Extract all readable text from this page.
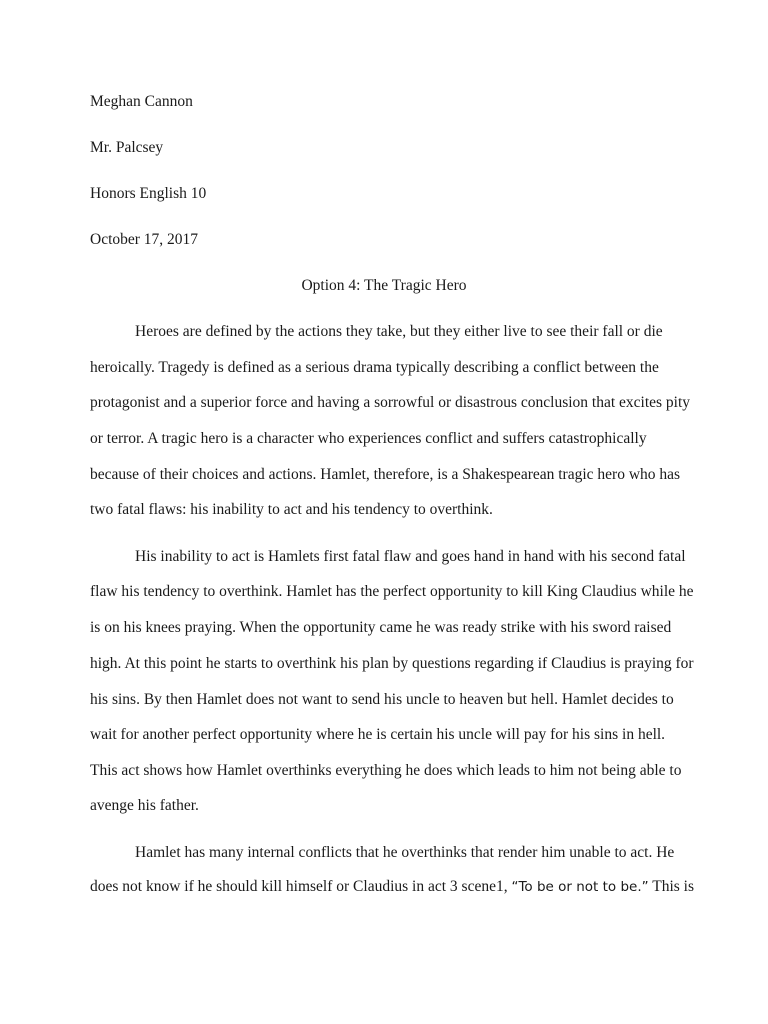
Meghan Cannon
Mr. Palcsey
Honors English 10
October 17, 2017
Option 4: The Tragic Hero
Heroes are defined by the actions they take, but they either live to see their fall or die
heroically. Tragedy is defined as a serious drama typically describing a conflict between the
protagonist and a superior force and having a sorrowful or disastrous conclusion that excites pity
or terror. A tragic hero is a character who experiences conflict and suffers catastrophically
because of their choices and actions. Hamlet, therefore, is a Shakespearean tragic hero who has
two fatal flaws: his inability to act and his tendency to overthink.
His inability to act is Hamlets first fatal flaw and goes hand in hand with his second fatal
flaw his tendency to overthink. Hamlet has the perfect opportunity to kill King Claudius while he
is on his knees praying. When the opportunity came he was ready strike with his sword raised
high. At this point he starts to overthink his plan by questions regarding if Claudius is praying for
his sins. By then Hamlet does not want to send his uncle to heaven but hell. Hamlet decides to
wait for another perfect opportunity where he is certain his uncle will pay for his sins in hell.
This act shows how Hamlet overthinks everything he does which leads to him not being able to
avenge his father.
Hamlet has many internal conflicts that he overthinks that render him unable to act. He
does not know if he should kill himself or Claudius in act 3 scene1, “To be or not to be.” This is
